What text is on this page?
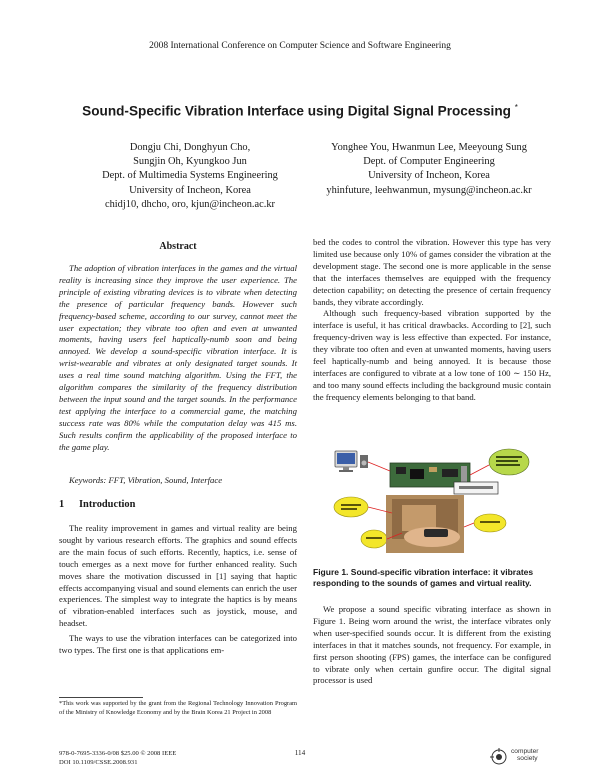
2008 International Conference on Computer Science and Software Engineering
Sound-Specific Vibration Interface using Digital Signal Processing *
Dongju Chi, Donghyun Cho,
Sungjin Oh, Kyungkoo Jun
Dept. of Multimedia Systems Engineering
University of Incheon, Korea
chidj10, dhcho, oro, kjun@incheon.ac.kr
Yonghee You, Hwanmun Lee, Meeyoung Sung
Dept. of Computer Engineering
University of Incheon, Korea
yhinfuture, leehwanmun, mysung@incheon.ac.kr
Abstract

The adoption of vibration interfaces in the games and the virtual reality is increasing since they improve the user experience. The principle of existing vibrating devices is to vibrate when detecting the presence of particular frequency bands. However such frequency-based scheme, according to our survey, cannot meet the user expectation; they vibrate too often and even at unwanted moments, having users feel haptically-numb soon and being annoyed. We develop a sound-specific vibration interface. It is wrist-wearable and vibrates at only designated target sounds. It uses a real time sound matching algorithm. Using the FFT, the algorithm compares the similarity of the frequency distribution between the input sound and the target sounds. In the performance test applying the interface to a commercial game, the matching success rate was 80% while the computation delay was 415 ms. Such results confirm the applicability of the proposed interface to the game play.

Keywords: FFT, Vibration, Sound, Interface
1 Introduction

The reality improvement in games and virtual reality are being sought by various research efforts. The graphics and sound effects are the main focus of such efforts. Recently, haptics, i.e. sense of touch emerges as a next move for further enhanced reality. Such moves share the motivation discussed in [1] saying that haptic effects accompanying visual and sound elements can enrich the user experiences. The simplest way to integrate the haptics is by means of vibration-enabled interfaces such as joystick, mouse, and headset.

The ways to use the vibration interfaces can be categorized into two types. The first one is that applications em-

*This work was supported by the grant from the Regional Technology Innovation Program of the Ministry of Knowledge Economy and by the Brain Korea 21 Project in 2008

bed the codes to control the vibration. However this type has very limited use because only 10% of games consider the vibration at the development stage. The second one is more applicable in the sense that the interfaces themselves are equipped with the frequency detection capability; on detecting the presence of certain frequency bands, they vibrate accordingly.

Although such frequency-based vibration supported by the interface is useful, it has critical drawbacks. According to [2], such frequency-driven way is less effective than expected. For instance, they vibrate too often and even at unwanted moments, having users feel haptically-numb and being annoyed. It is because those interfaces are configured to vibrate at a low tone of 100 ∼ 150 Hz, and too many sound effects including the background music contain the frequency elements belonging to that band.

Figure 1. Sound-specific vibration interface: it vibrates responding to the sounds of games and virtual reality.

We propose a sound specific vibrating interface as shown in Figure 1. Being worn around the wrist, the interface vibrates only when user-specified sounds occur. It is different from the existing interfaces in that it matches sounds, not frequency. For example, in first person shooting (FPS) games, the interface can be configured to vibrate only when certain gunfire occur. The digital signal processor is used

978-0-7695-3336-0/08 $25.00 © 2008 IEEE
DOI 10.1109/CSSE.2008.931
114	computer
society
